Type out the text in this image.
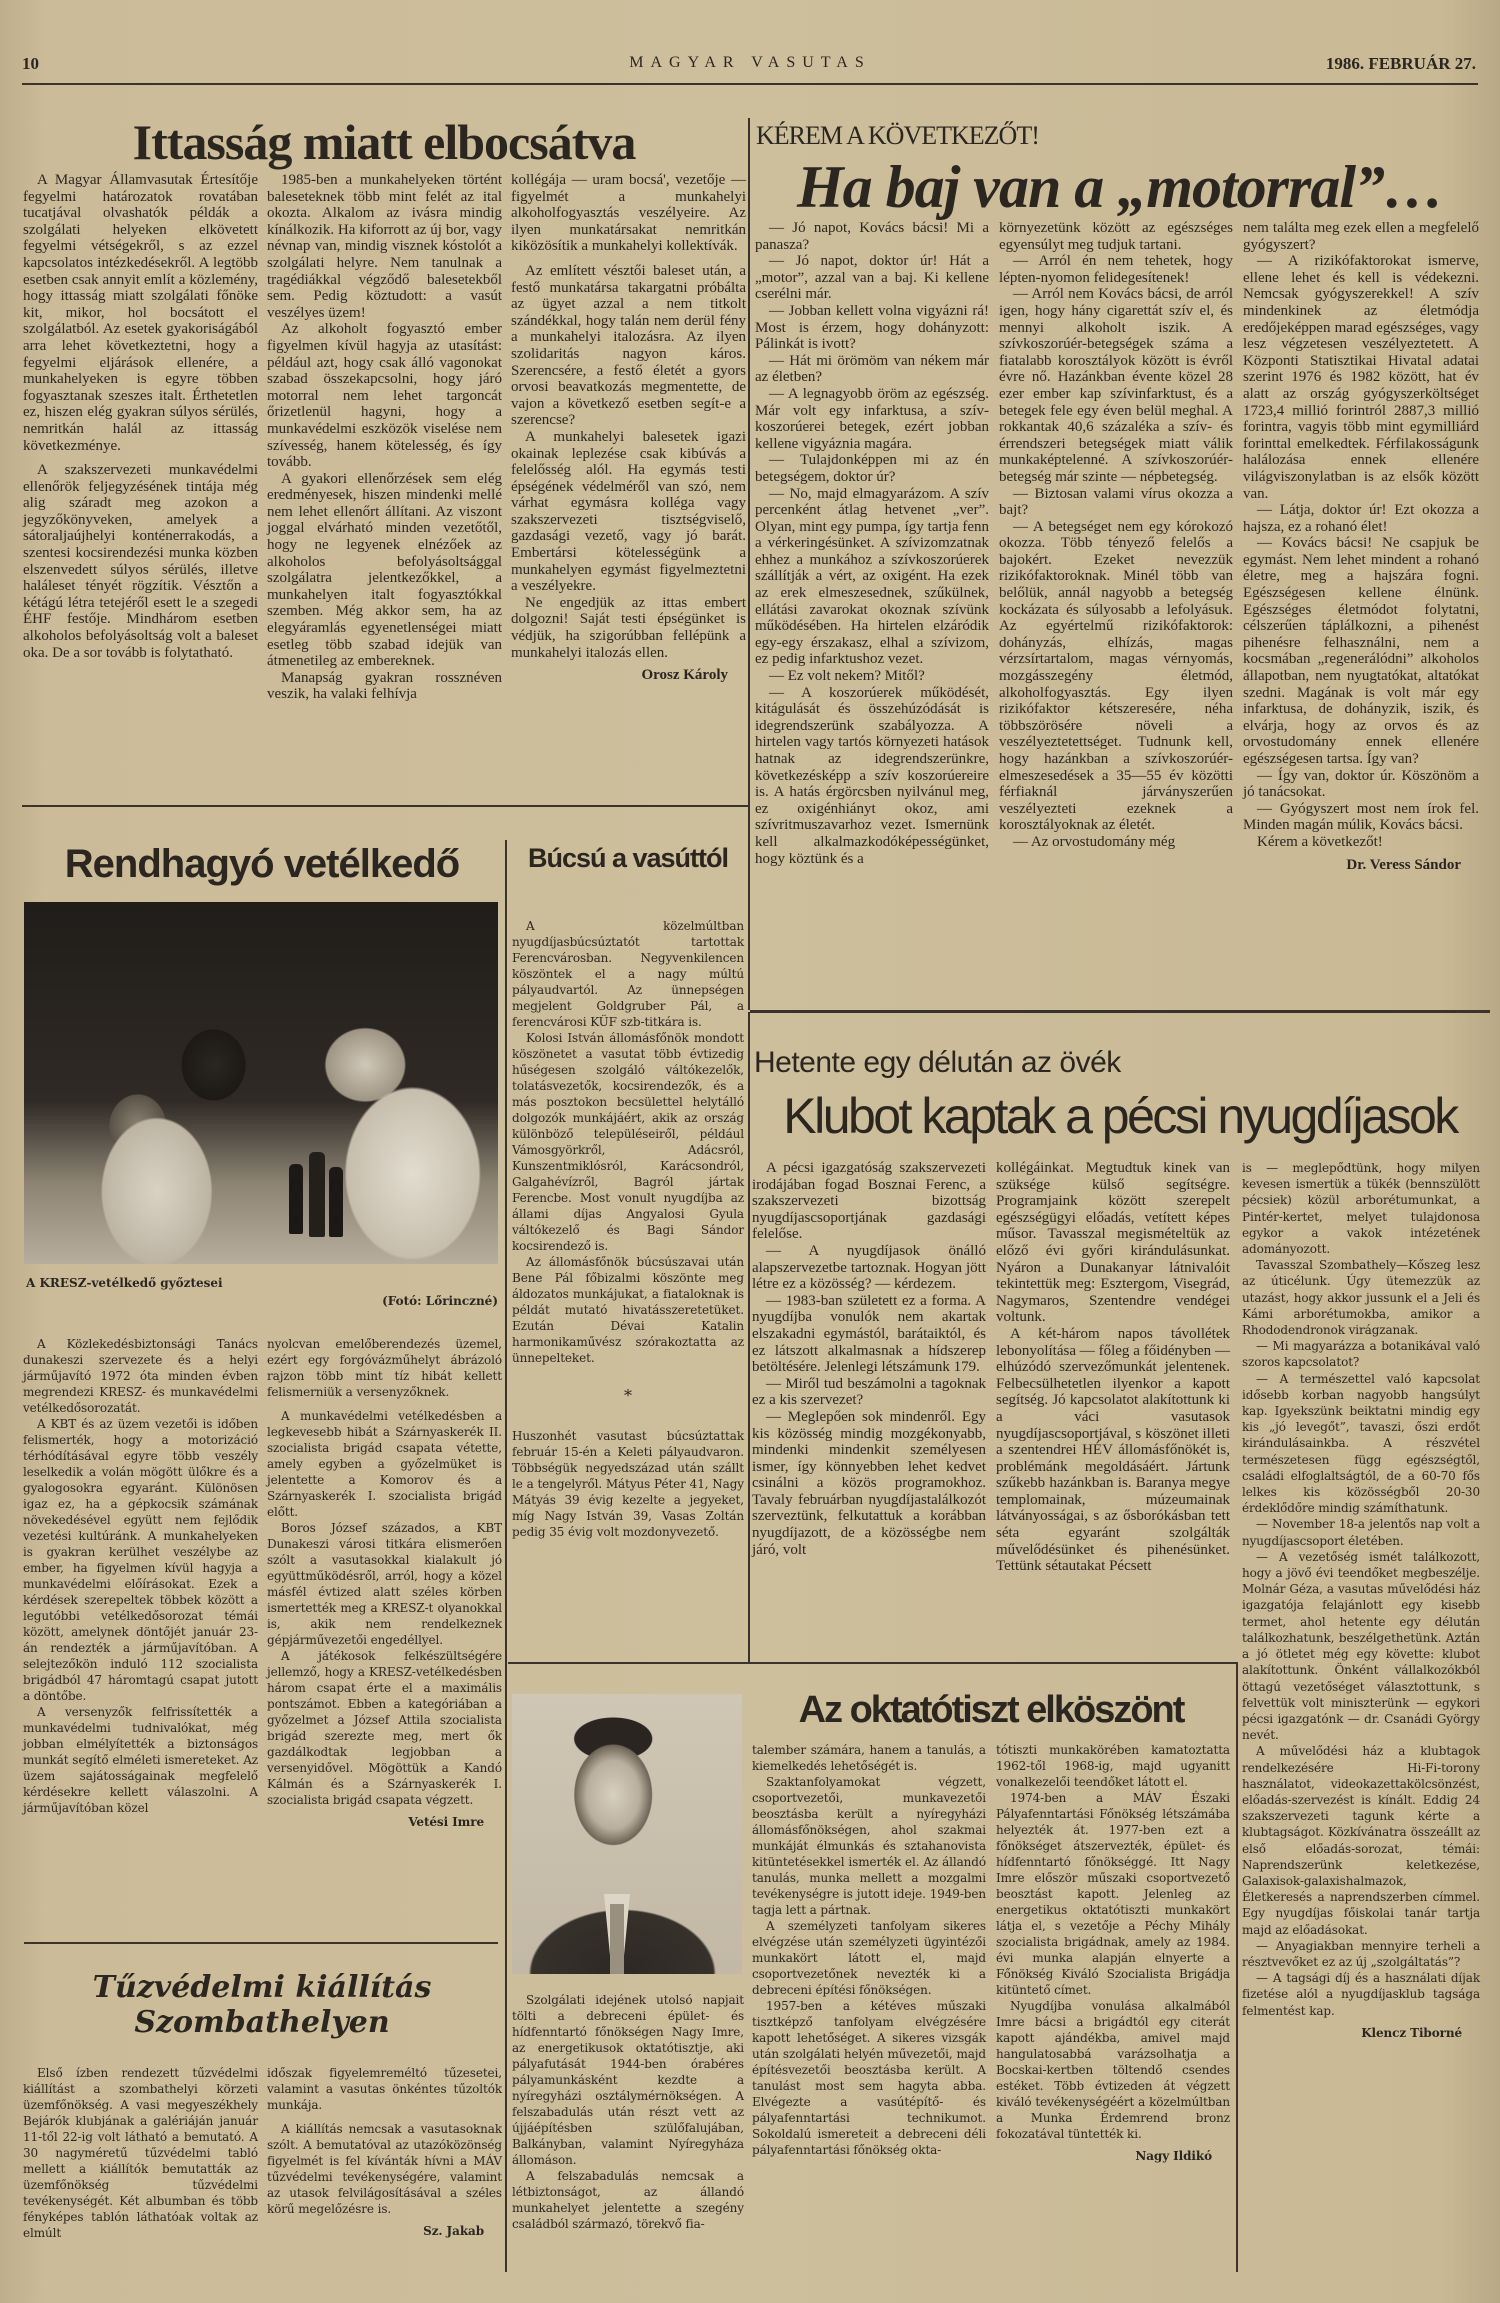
10	MAGYAR VASUTAS	1986. FEBRUÁR 27.
Ittasság miatt elbocsátva

A Magyar Államvasutak Értesítője fegyelmi határozatok rovatában tucatjával olvashatók példák a szolgálati helyeken elkövetett fegyelmi vétségekről, s az ezzel kapcsolatos intézkedésekről. A legtöbb esetben csak annyit említ a közlemény, hogy ittasság miatt szolgálati főnöke kit, mikor, hol bocsátott el szolgálatból. Az esetek gyakoriságából arra lehet következtetni, hogy a fegyelmi eljárások ellenére, a munkahelyeken is egyre többen fogyasztanak szeszes italt. Érthetetlen ez, hiszen elég gyakran súlyos sérülés, nemritkán halál az ittasság következménye.

A szakszervezeti munkavédelmi ellenőrök feljegyzésének tintája még alig száradt meg azokon a jegyzőkönyveken, amelyek a sátoraljaújhelyi konténerrakodás, a szentesi kocsirendezési munka közben elszenvedett súlyos sérülés, illetve haláleset tényét rögzítik. Vésztőn a kétágú létra tetejéről esett le a szegedi ÉHF festője. Mindhárom esetben alkoholos befolyásoltság volt a baleset oka. De a sor tovább is folytatható.

1985-ben a munkahelyeken történt baleseteknek több mint felét az ital okozta. Alkalom az ivásra mindig kínálkozik. Ha kiforrott az új bor, vagy névnap van, mindig visznek kóstolót a szolgálati helyre. Nem tanulnak a tragédiákkal végződő balesetekből sem. Pedig köztudott: a vasút veszélyes üzem!

Az alkoholt fogyasztó ember figyelmen kívül hagyja az utasítást: például azt, hogy csak álló vagonokat szabad összekapcsolni, hogy járó motorral nem lehet targoncát őrizetlenül hagyni, hogy a munkavédelmi eszközök viselése nem szívesség, hanem kötelesség, és így tovább.

A gyakori ellenőrzések sem elég eredményesek, hiszen mindenki mellé nem lehet ellenőrt állítani. Az viszont joggal elvárható minden vezetőtől, hogy ne legyenek elnézőek az alkoholos befolyásoltsággal szolgálatra jelentkezőkkel, a munkahelyen italt fogyasztókkal szemben. Még akkor sem, ha az elegyáramlás egyenetlenségei miatt esetleg több szabad idejük van átmenetileg az embereknek.

Manapság gyakran rossznéven veszik, ha valaki felhívja

kollégája — uram bocsá', vezetője — figyelmét a munkahelyi alkoholfogyasztás veszélyeire. Az ilyen munkatársakat nemritkán kiközösítik a munkahelyi kollektívák.

Az említett vésztői baleset után, a festő munkatársa takargatni próbálta az ügyet azzal a nem titkolt szándékkal, hogy talán nem derül fény a munkahelyi italozásra. Az ilyen szolidaritás nagyon káros. Szerencsére, a festő életét a gyors orvosi beavatkozás megmentette, de vajon a következő esetben segít-e a szerencse?

A munkahelyi balesetek igazi okainak leplezése csak kibúvás a felelősség alól. Ha egymás testi épségének védelméről van szó, nem várhat egymásra kolléga vagy szakszervezeti tisztségviselő, gazdasági vezető, vagy jó barát. Embertársi kötelességünk a munkahelyen egymást figyelmeztetni a veszélyekre.

Ne engedjük az ittas embert dolgozni! Saját testi épségünket is védjük, ha szigorúbban fellépünk a munkahelyi italozás ellen.

Orosz Károly
KÉREM A KÖVETKEZŐT!
Ha baj van a „motorral”…

— Jó napot, Kovács bácsi! Mi a panasza?

— Jó napot, doktor úr! Hát a „motor”, azzal van a baj. Ki kellene cserélni már.

— Jobban kellett volna vigyázni rá! Most is érzem, hogy dohányzott: Pálinkát is ivott?

— Hát mi örömöm van nékem már az életben?

— A legnagyobb öröm az egészség. Már volt egy infarktusa, a szív-koszorúerei betegek, ezért jobban kellene vigyáznia magára.

— Tulajdonképpen mi az én betegségem, doktor úr?

— No, majd elmagyarázom. A szív percenként átlag hetvenet „ver”. Olyan, mint egy pumpa, így tartja fenn a vérkeringésünket. A szívizomzatnak ehhez a munkához a szívkoszorúerek szállítják a vért, az oxigént. Ha ezek az erek elmeszesednek, szűkülnek, ellátási zavarokat okoznak szívünk működésében. Ha hirtelen elzáródik egy-egy érszakasz, elhal a szívizom, ez pedig infarktushoz vezet.

— Ez volt nekem? Mitől?

— A koszorúerek működését, kitágulását és összehúzódását is idegrendszerünk szabályozza. A hirtelen vagy tartós környezeti hatások hatnak az idegrendszerünkre, következésképp a szív koszorúereire is. A hatás érgörcsben nyilvánul meg, ez oxigénhiányt okoz, ami szívritmuszavarhoz vezet. Ismernünk kell alkalmazkodóképességünket, hogy köztünk és a

környezetünk között az egészséges egyensúlyt meg tudjuk tartani.

— Arról én nem tehetek, hogy lépten-nyomon felidegesítenek!

— Arról nem Kovács bácsi, de arról igen, hogy hány cigarettát szív el, és mennyi alkoholt iszik. A szívkoszorúér-betegségek száma a fiatalabb korosztályok között is évről évre nő. Hazánkban évente közel 28 ezer ember kap szívinfarktust, és a betegek fele egy éven belül meghal. A rokkantak 40,6 százaléka a szív- és érrendszeri betegségek miatt válik munkaképtelenné. A szívkoszorúér-betegség már szinte — népbetegség.

— Biztosan valami vírus okozza a bajt?

— A betegséget nem egy kórokozó okozza. Több tényező felelős a bajokért. Ezeket nevezzük rizikófaktoroknak. Minél több van belőlük, annál nagyobb a betegség kockázata és súlyosabb a lefolyásuk. Az egyértelmű rizikófaktorok: dohányzás, elhízás, magas vérzsírtartalom, magas vérnyomás, mozgásszegény életmód, alkoholfogyasztás. Egy ilyen rizikófaktor kétszeresére, néha többszörösére növeli a veszélyeztetettséget. Tudnunk kell, hogy hazánkban a szívkoszorúér-elmeszesedések a 35—55 év közötti férfiaknál járványszerűen veszélyezteti ezeknek a korosztályoknak az életét.

— Az orvostudomány még

nem találta meg ezek ellen a megfelelő gyógyszert?

— A rizikófaktorokat ismerve, ellene lehet és kell is védekezni. Nemcsak gyógyszerekkel! A szív mindenkinek az életmódja eredőjeképpen marad egészséges, vagy lesz végzetesen veszélyeztetett. A Központi Statisztikai Hivatal adatai szerint 1976 és 1982 között, hat év alatt az ország gyógyszerköltséget 1723,4 millió forintról 2887,3 millió forintra, vagyis több mint egymilliárd forinttal emelkedtek. Férfilakosságunk halálozása ennek ellenére világviszonylatban is az elsők között van.

— Látja, doktor úr! Ezt okozza a hajsza, ez a rohanó élet!

— Kovács bácsi! Ne csapjuk be egymást. Nem lehet mindent a rohanó életre, meg a hajszára fogni. Egészségesen kellene élnünk. Egészséges életmódot folytatni, célszerűen táplálkozni, a pihenést pihenésre felhasználni, nem a kocsmában „regenerálódni” alkoholos állapotban, nem nyugtatókat, altatókat szedni. Magának is volt már egy infarktusa, de dohányzik, iszik, és elvárja, hogy az orvos és az orvostudomány ennek ellenére egészségesen tartsa. Így van?

— Így van, doktor úr. Köszönöm a jó tanácsokat.

— Gyógyszert most nem írok fel. Minden magán múlik, Kovács bácsi.

Kérem a következőt!

Dr. Veress Sándor
Rendhagyó vetélkedő
A KRESZ-vetélkedő győztesei
(Fotó: Lőrinczné)

A Közlekedésbiztonsági Tanács dunakeszi szervezete és a helyi járműjavító 1972 óta minden évben megrendezi KRESZ- és munkavédelmi vetélkedősorozatát.

A KBT és az üzem vezetői is időben felismerték, hogy a motorizáció térhódításával egyre több veszély leselkedik a volán mögött ülőkre és a gyalogosokra egyaránt. Különösen igaz ez, ha a gépkocsik számának növekedésével együtt nem fejlődik vezetési kultúránk. A munkahelyeken is gyakran kerülhet veszélybe az ember, ha figyelmen kívül hagyja a munkavédelmi előírásokat. Ezek a kérdések szerepeltek többek között a legutóbbi vetélkedősorozat témái között, amelynek döntőjét január 23-án rendezték a járműjavítóban. A selejtezőkön induló 112 szocialista brigádból 47 háromtagú csapat jutott a döntőbe.

A versenyzők felfrissítették a munkavédelmi tudnivalókat, még jobban elmélyítették a biztonságos munkát segítő elméleti ismereteket. Az üzem sajátosságainak megfelelő kérdésekre kellett válaszolni. A járműjavítóban közel

nyolcvan emelőberendezés üzemel, ezért egy forgóvázműhelyt ábrázoló rajzon több mint tíz hibát kellett felismerniük a versenyzőknek.

A munkavédelmi vetélkedésben a legkevesebb hibát a Szárnyaskerék II. szocialista brigád csapata vétette, amely egyben a győzelmüket is jelentette a Komorov és a Szárnyaskerék I. szocialista brigád előtt.

Boros József százados, a KBT Dunakeszi városi titkára elismerően szólt a vasutasokkal kialakult jó együttműködésről, arról, hogy a közel másfél évtized alatt széles körben ismertették meg a KRESZ-t olyanokkal is, akik nem rendelkeznek gépjárművezetői engedéllyel.

A játékosok felkészültségére jellemző, hogy a KRESZ-vetélkedésben három csapat érte el a maximális pontszámot. Ebben a kategóriában a győzelmet a József Attila szocialista brigád szerezte meg, mert ők gazdálkodtak legjobban a versenyidővel. Mögöttük a Kandó Kálmán és a Szárnyaskerék I. szocialista brigád csapata végzett.

Vetési Imre
Tűzvédelmi kiállítás
Szombathelyen

Első ízben rendezett tűzvédelmi kiállítást a szombathelyi körzeti üzemfőnökség. A vasi megyeszékhely Bejárók klubjának a galériáján január 11-től 22-ig volt látható a bemutató. A 30 nagyméretű tűzvédelmi tabló mellett a kiállítók bemutatták az üzemfőnökség tűzvédelmi tevékenységét. Két albumban és több fényképes tablón láthatóak voltak az elmúlt

időszak figyelemreméltó tűzesetei, valamint a vasutas önkéntes tűzoltók munkája.

A kiállítás nemcsak a vasutasoknak szólt. A bemutatóval az utazóközönség figyelmét is fel kívánták hívni a MÁV tűzvédelmi tevékenységére, valamint az utasok felvilágosításával a széles körű megelőzésre is.

Sz. Jakab
Búcsú a vasúttól

A közelmúltban nyugdíjasbúcsúztatót tartottak Ferencvárosban. Negyvenkilencen köszöntek el a nagy múltú pályaudvartól. Az ünnepségen megjelent Goldgruber Pál, a ferencvárosi KÜF szb-titkára is.

Kolosi István állomásfőnök mondott köszönetet a vasutat több évtizedig hűségesen szolgáló váltókezelők, tolatásvezetők, kocsirendezők, és a más posztokon becsülettel helytálló dolgozók munkájáért, akik az ország különböző településeiről, például Vámosgyörkről, Adácsról, Kunszentmiklósról, Karácsondról, Galgahévízről, Bagról jártak Ferencbe. Most vonult nyugdíjba az állami díjas Angyalosi Gyula váltókezelő és Bagi Sándor kocsirendező is.

Az állomásfőnök búcsúszavai után Bene Pál főbizalmi köszönte meg áldozatos munkájukat, a fiataloknak is példát mutató hivatásszeretetüket. Ezután Dévai Katalin harmonikaművész szórakoztatta az ünnepelteket.

*

Huszonhét vasutast búcsúztattak február 15-én a Keleti pályaudvaron. Többségük negyedszázad után szállt le a tengelyről. Mátyus Péter 41, Nagy Mátyás 39 évig kezelte a jegyeket, míg Nagy István 39, Vasas Zoltán pedig 35 évig volt mozdonyvezető.

Hetente egy délután az övék
Klubot kaptak a pécsi nyugdíjasok

A pécsi igazgatóság szakszervezeti irodájában fogad Bosznai Ferenc, a szakszervezeti bizottság nyugdíjascsoportjának gazdasági felelőse.

— A nyugdíjasok önálló alapszervezetbe tartoznak. Hogyan jött létre ez a közösség? — kérdezem.

— 1983-ban született ez a forma. A nyugdíjba vonulók nem akartak elszakadni egymástól, barátaiktól, és ez látszott alkalmasnak a hídszerep betöltésére. Jelenlegi létszámunk 179.

— Miről tud beszámolni a tagoknak ez a kis szervezet?

— Meglepően sok mindenről. Egy kis közösség mindig mozgékonyabb, mindenki mindenkit személyesen ismer, így könnyebben lehet kedvet csinálni a közös programokhoz. Tavaly februárban nyugdíjastalálkozót szerveztünk, felkutattuk a korábban nyugdíjazott, de a közösségbe nem járó, volt

kollégáinkat. Megtudtuk kinek van szüksége külső segítségre. Programjaink között szerepelt egészségügyi előadás, vetített képes műsor. Tavasszal megismételtük az előző évi győri kirándulásunkat. Nyáron a Dunakanyar látnivalóit tekintettük meg: Esztergom, Visegrád, Nagymaros, Szentendre vendégei voltunk.

A két-három napos távollétek lebonyolítása — főleg a főidényben — elhúzódó szervezőmunkát jelentenek. Felbecsülhetetlen ilyenkor a kapott segítség. Jó kapcsolatot alakítottunk ki a váci vasutasok nyugdíjascsoportjával, s köszönet illeti a szentendrei HÉV állomásfőnökét is, problémánk megoldásáért. Jártunk szűkebb hazánkban is. Baranya megye templomainak, múzeumainak látványosságai, s az ősborókásban tett séta egyaránt szolgálták művelődésünket és pihenésünket. Tettünk sétautakat Pécsett

is — meglepődtünk, hogy milyen kevesen ismertük a tükék (bennszülött pécsiek) közül arborétumunkat, a Pintér-kertet, melyet tulajdonosa egykor a vakok intézetének adományozott.

Tavasszal Szombathely—Kőszeg lesz az úticélunk. Úgy ütemezzük az utazást, hogy akkor jussunk el a Jeli és Kámi arborétumokba, amikor a Rhododendronok virágzanak.

— Mi magyarázza a botanikával való szoros kapcsolatot?

— A természettel való kapcsolat idősebb korban nagyobb hangsúlyt kap. Igyekszünk beiktatni mindig egy kis „jó levegőt”, tavaszi, őszi erdőt kirándulásainkba. A részvétel természetesen függ egészségtől, családi elfoglaltságtól, de a 60-70 fős lelkes kis közösségből 20-30 érdeklődőre mindig számíthatunk.

— November 18-a jelentős nap volt a nyugdíjascsoport életében.

— A vezetőség ismét találkozott, hogy a jövő évi teendőket megbeszélje. Molnár Géza, a vasutas művelődési ház igazgatója felajánlott egy kisebb termet, ahol hetente egy délután találkozhatunk, beszélgethetünk. Aztán a jó ötletet még egy követte: klubot alakítottunk. Önként vállalkozókból öttagú vezetőséget választottunk, s felvettük volt miniszterünk — egykori pécsi igazgatónk — dr. Csanádi György nevét.

A művelődési ház a klubtagok rendelkezésére Hi-Fi-torony használatot, videokazettakölcsönzést, előadás-szervezést is kínált. Eddig 24 szakszervezeti tagunk kérte a klubtagságot. Közkívánatra összeállt az első előadás-sorozat, témái: Naprendszerünk keletkezése, Galaxisok-galaxishalmazok, Életkeresés a naprendszerben címmel. Egy nyugdíjas főiskolai tanár tartja majd az előadásokat.

— Anyagiakban mennyire terheli a résztvevőket ez az új „szolgáltatás”?

— A tagsági díj és a használati díjak fizetése alól a nyugdíjasklub tagsága felmentést kap.

Klencz Tiborné
Az oktatótiszt elköszönt

Szolgálati idejének utolsó napjait tölti a debreceni épület- és hídfenntartó főnökségen Nagy Imre, az energetikusok oktatótisztje, aki pályafutását 1944-ben órabéres pályamunkásként kezdte a nyíregyházi osztálymérnökségen. A felszabadulás után részt vett az újjáépítésben szülőfalujában, Balkányban, valamint Nyíregyháza állomáson.

A felszabadulás nemcsak a létbiztonságot, az állandó munkahelyet jelentette a szegény családból származó, törekvő fia-

talember számára, hanem a tanulás, a kiemelkedés lehetőségét is.

Szaktanfolyamokat végzett, csoportvezetői, munkavezetői beosztásba került a nyíregyházi állomásfőnökségen, ahol szakmai munkáját élmunkás és sztahanovista kitüntetésekkel ismerték el. Az állandó tanulás, munka mellett a mozgalmi tevékenységre is jutott ideje. 1949-ben tagja lett a pártnak.

A személyzeti tanfolyam sikeres elvégzése után személyzeti ügyintézői munkakört látott el, majd csoportvezetőnek nevezték ki a debreceni építési főnökségen.

1957-ben a kétéves műszaki tisztképző tanfolyam elvégzésére kapott lehetőséget. A sikeres vizsgák után szolgálati helyén művezetői, majd építésvezetői beosztásba került. A tanulást most sem hagyta abba. Elvégezte a vasútépítő- és pályafenntartási technikumot. Sokoldalú ismereteit a debreceni déli pályafenntartási főnökség okta-

tótiszti munkakörében kamatoztatta 1962-től 1968-ig, majd ugyanitt vonalkezelői teendőket látott el.

1974-ben a MÁV Északi Pályafenntartási Főnökség létszámába helyezték át. 1977-ben ezt a főnökséget átszervezték, épület- és hídfenntartó főnökséggé. Itt Nagy Imre először műszaki csoportvezető beosztást kapott. Jelenleg az energetikus oktatótiszti munkakört látja el, s vezetője a Péchy Mihály szocialista brigádnak, amely az 1984. évi munka alapján elnyerte a Főnökség Kiváló Szocialista Brigádja kitüntető címet.

Nyugdíjba vonulása alkalmából Imre bácsi a brigádtól egy citerát kapott ajándékba, amivel majd hangulatosabbá varázsolhatja a Bocskai-kertben töltendő csendes estéket. Több évtizeden át végzett kiváló tevékenységéért a közelmúltban a Munka Érdemrend bronz fokozatával tüntették ki.

Nagy Ildikó
